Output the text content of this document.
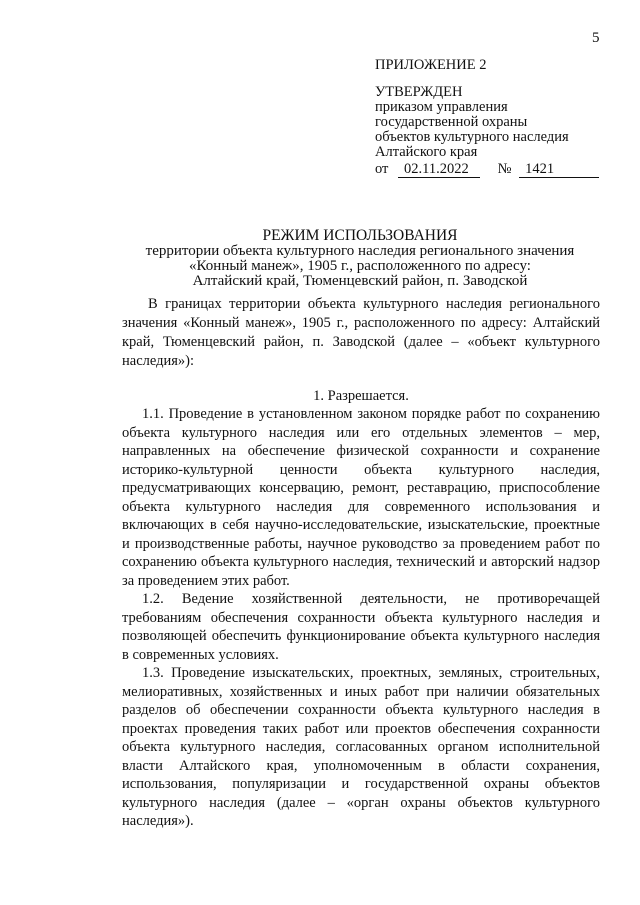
5
ПРИЛОЖЕНИЕ 2
УТВЕРЖДЕН
приказом управления
государственной охраны
объектов культурного наследия
Алтайского края
от 02.11.2022 № 1421
РЕЖИМ ИСПОЛЬЗОВАНИЯ
территории объекта культурного наследия регионального значения
«Конный манеж», 1905 г., расположенного по адресу:
Алтайский край, Тюменцевский район, п. Заводской

В границах территории объекта культурного наследия регионального значения «Конный манеж», 1905 г., расположенного по адресу: Алтайский край, Тюменцевский район, п. Заводской (далее – «объект культурного наследия»):

1. Разрешается.

1.1. Проведение в установленном законом порядке работ по сохранению объекта культурного наследия или его отдельных элементов – мер, направленных на обеспечение физической сохранности и сохранение историко-культурной ценности объекта культурного наследия, предусматривающих консервацию, ремонт, реставрацию, приспособление объекта культурного наследия для современного использования и включающих в себя научно-исследовательские, изыскательские, проектные и производственные работы, научное руководство за проведением работ по сохранению объекта культурного наследия, технический и авторский надзор за проведением этих работ.

1.2. Ведение хозяйственной деятельности, не противоречащей требованиям обеспечения сохранности объекта культурного наследия и позволяющей обеспечить функционирование объекта культурного наследия в современных условиях.

1.3. Проведение изыскательских, проектных, земляных, строительных, мелиоративных, хозяйственных и иных работ при наличии обязательных разделов об обеспечении сохранности объекта культурного наследия в проектах проведения таких работ или проектов обеспечения сохранности объекта культурного наследия, согласованных органом исполнительной власти Алтайского края, уполномоченным в области сохранения, использования, популяризации и государственной охраны объектов культурного наследия (далее – «орган охраны объектов культурного наследия»).
